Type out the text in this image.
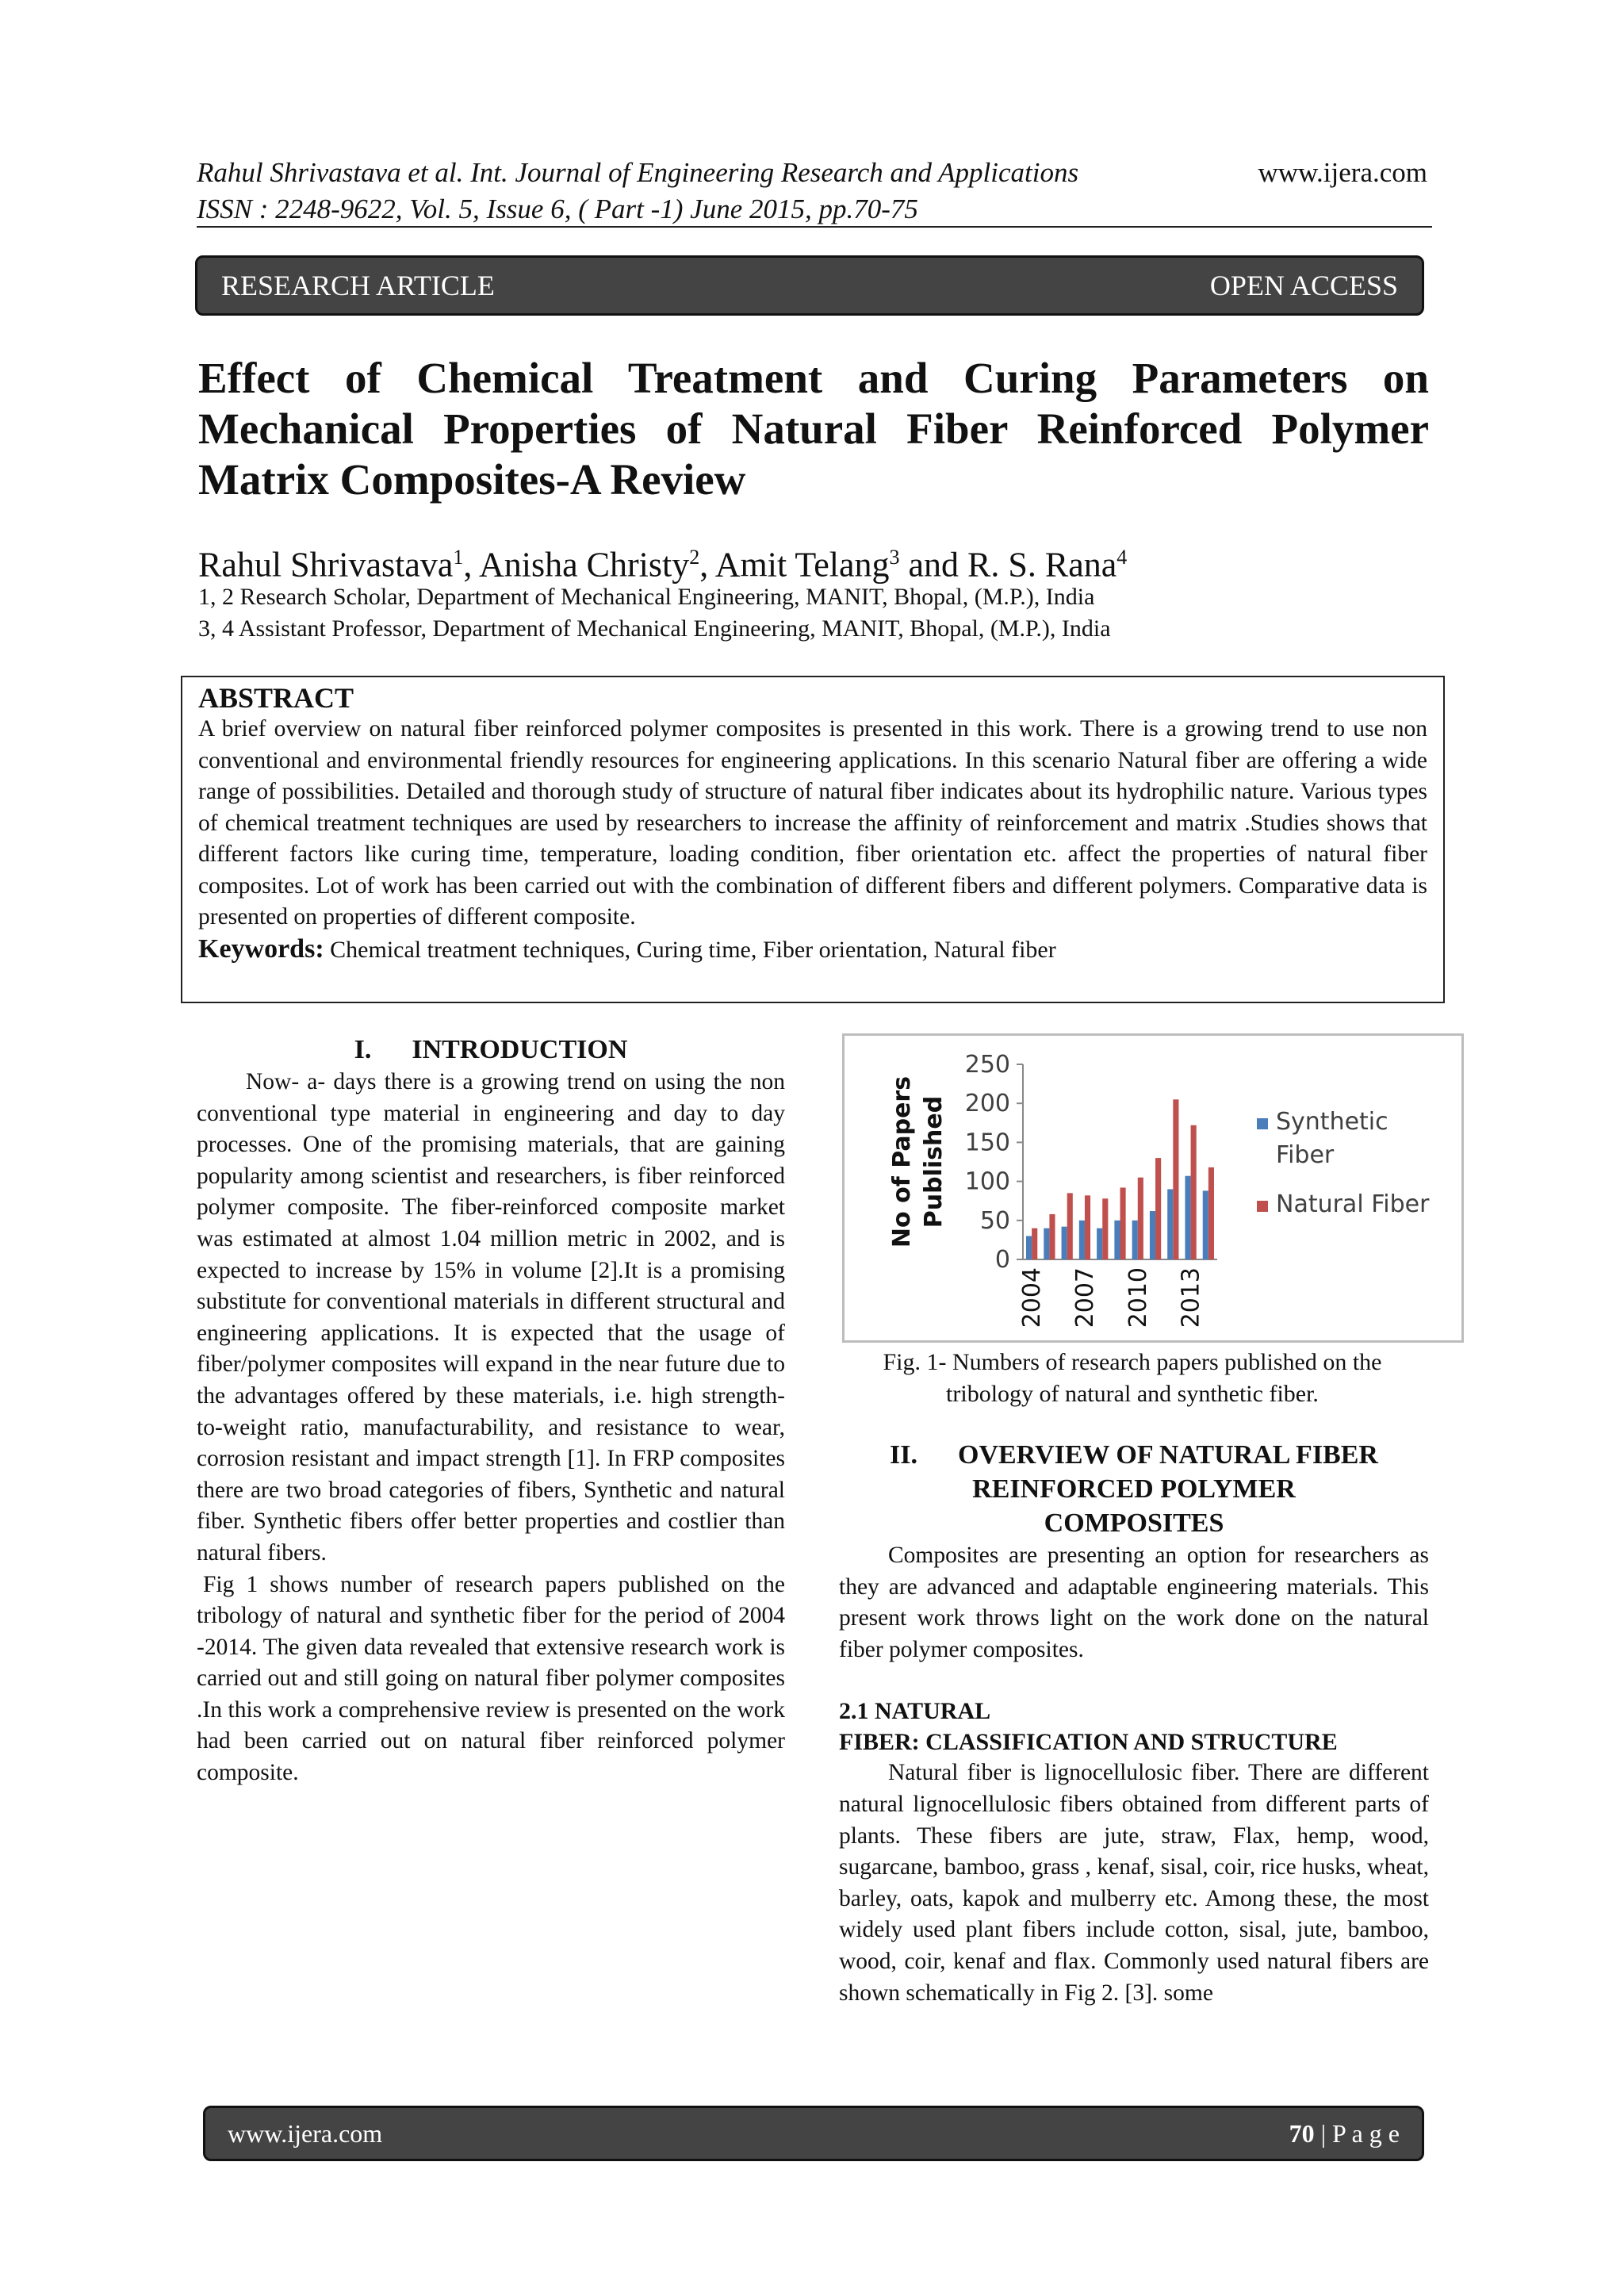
Rahul Shrivastava et al. Int. Journal of Engineering Research and Applications
ISSN : 2248-9622, Vol. 5, Issue 6, ( Part -1) June 2015, pp.70-75
www.ijera.com
RESEARCH ARTICLE	OPEN ACCESS
Effect of Chemical Treatment and Curing Parameters on Mechanical Properties of Natural Fiber Reinforced Polymer Matrix Composites-A Review
Rahul Shrivastava$^1$, Anisha Christy$^2$, Amit Telang$^3$ and R. S. Rana$^4$
1, 2 Research Scholar, Department of Mechanical Engineering, MANIT, Bhopal, (M.P.), India
3, 4 Assistant Professor, Department of Mechanical Engineering, MANIT, Bhopal, (M.P.), India
ABSTRACT
A brief overview on natural fiber reinforced polymer composites is presented in this work. There is a growing trend to use non conventional and environmental friendly resources for engineering applications. In this scenario Natural fiber are offering a wide range of possibilities. Detailed and thorough study of structure of natural fiber indicates about its hydrophilic nature. Various types of chemical treatment techniques are used by researchers to increase the affinity of reinforcement and matrix .Studies shows that different factors like curing time, temperature, loading condition, fiber orientation etc. affect the properties of natural fiber composites. Lot of work has been carried out with the combination of different fibers and different polymers. Comparative data is presented on properties of different composite.
Keywords: Chemical treatment techniques, Curing time, Fiber orientation, Natural fiber
I.      INTRODUCTION

Now- a- days there is a growing trend on using the non conventional type material in engineering and day to day processes. One of the promising materials, that are gaining popularity among scientist and researchers, is fiber reinforced polymer composite. The fiber-reinforced composite market was estimated at almost 1.04 million metric in 2002, and is expected to increase by 15% in volume [2].It is a promising substitute for conventional materials in different structural and engineering applications. It is expected that the usage of fiber/polymer composites will expand in the near future due to the advantages offered by these materials, i.e. high strength-to-weight ratio, manufacturability, and resistance to wear, corrosion resistant and impact strength [1]. In FRP composites there are two broad categories of fibers, Synthetic and natural fiber. Synthetic fibers offer better properties and costlier than natural fibers.

Fig 1 shows number of research papers published on the tribology of natural and synthetic fiber for the period of 2004 -2014. The given data revealed that extensive research work is carried out and still going on natural fiber polymer composites .In this work a comprehensive review is presented on the work had been carried out on natural fiber reinforced polymer composite.

0
50
100
150
200
250
No of Papers Published
2004 2007 2010 2013
Synthetic Fiber
Natural Fiber
Fig. 1- Numbers of research papers published on the tribology of natural and synthetic fiber.
II.      OVERVIEW OF NATURAL FIBER
REINFORCED POLYMER
COMPOSITES

Composites are presenting an option for researchers as they are advanced and adaptable engineering materials. This present work throws light on the work done on the natural fiber polymer composites.

2.1 NATURAL
FIBER: CLASSIFICATION AND STRUCTURE

Natural fiber is lignocellulosic fiber. There are different natural lignocellulosic fibers obtained from different parts of plants. These fibers are jute, straw, Flax, hemp, wood, sugarcane, bamboo, grass , kenaf, sisal, coir, rice husks, wheat, barley, oats, kapok and mulberry etc. Among these, the most widely used plant fibers include cotton, sisal, jute, bamboo, wood, coir, kenaf and flax. Commonly used natural fibers are shown schematically in Fig 2. [3]. some

www.ijera.com	70 | P a g e
